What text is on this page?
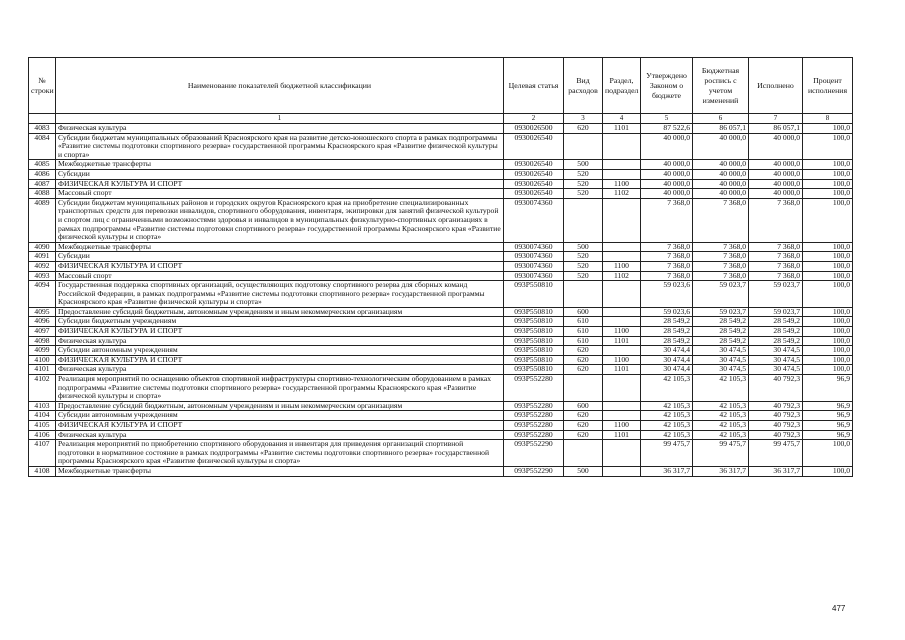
№ строки	Наименование показателей бюджетной классификации	Целевая статья	Вид расходов	Раздел, подраздел	Утверждено Законом о бюджете	Бюджетная роспись с учетом изменений	Исполнено	Процент исполнения
	1	2	3	4	5	6	7	8
4083	Физическая культура	0930026500	620	1101	87 522,6	86 057,1	86 057,1	100,0
4084	Субсидии бюджетам муниципальных образований Красноярского края на развитие детско-юношеского спорта в рамках подпрограммы «Развитие системы подготовки спортивного резерва» государственной программы Красноярского края «Развитие физической культуры и спорта»	0930026540			40 000,0	40 000,0	40 000,0	100,0
4085	Межбюджетные трансферты	0930026540	500		40 000,0	40 000,0	40 000,0	100,0
4086	Субсидии	0930026540	520		40 000,0	40 000,0	40 000,0	100,0
4087	ФИЗИЧЕСКАЯ КУЛЬТУРА И СПОРТ	0930026540	520	1100	40 000,0	40 000,0	40 000,0	100,0
4088	Массовый спорт	0930026540	520	1102	40 000,0	40 000,0	40 000,0	100,0
4089	Субсидии бюджетам муниципальных районов и городских округов Красноярского края на приобретение специализированных транспортных средств для перевозки инвалидов, спортивного оборудования, инвентаря, экипировки для занятий физической культурой и спортом лиц с ограниченными возможностями здоровья и инвалидов в муниципальных физкультурно-спортивных организациях в рамках подпрограммы «Развитие системы подготовки спортивного резерва» государственной программы Красноярского края «Развитие физической культуры и спорта»	0930074360			7 368,0	7 368,0	7 368,0	100,0
4090	Межбюджетные трансферты	0930074360	500		7 368,0	7 368,0	7 368,0	100,0
4091	Субсидии	0930074360	520		7 368,0	7 368,0	7 368,0	100,0
4092	ФИЗИЧЕСКАЯ КУЛЬТУРА И СПОРТ	0930074360	520	1100	7 368,0	7 368,0	7 368,0	100,0
4093	Массовый спорт	0930074360	520	1102	7 368,0	7 368,0	7 368,0	100,0
4094	Государственная поддержка спортивных организаций, осуществляющих подготовку спортивного резерва для сборных команд Российской Федерации, в рамках подпрограммы «Развитие системы подготовки спортивного резерва» государственной программы Красноярского края «Развитие физической культуры и спорта»	093P550810			59 023,6	59 023,7	59 023,7	100,0
4095	Предоставление субсидий бюджетным, автономным учреждениям и иным некоммерческим организациям	093P550810	600		59 023,6	59 023,7	59 023,7	100,0
4096	Субсидии бюджетным учреждениям	093P550810	610		28 549,2	28 549,2	28 549,2	100,0
4097	ФИЗИЧЕСКАЯ КУЛЬТУРА И СПОРТ	093P550810	610	1100	28 549,2	28 549,2	28 549,2	100,0
4098	Физическая культура	093P550810	610	1101	28 549,2	28 549,2	28 549,2	100,0
4099	Субсидии автономным учреждениям	093P550810	620		30 474,4	30 474,5	30 474,5	100,0
4100	ФИЗИЧЕСКАЯ КУЛЬТУРА И СПОРТ	093P550810	620	1100	30 474,4	30 474,5	30 474,5	100,0
4101	Физическая культура	093P550810	620	1101	30 474,4	30 474,5	30 474,5	100,0
4102	Реализация мероприятий по оснащению объектов спортивной инфраструктуры спортивно-технологическим оборудованием в рамках подпрограммы «Развитие системы подготовки спортивного резерва» государственной программы Красноярского края «Развитие физической культуры и спорта»	093P552280			42 105,3	42 105,3	40 792,3	96,9
4103	Предоставление субсидий бюджетным, автономным учреждениям и иным некоммерческим организациям	093P552280	600		42 105,3	42 105,3	40 792,3	96,9
4104	Субсидии автономным учреждениям	093P552280	620		42 105,3	42 105,3	40 792,3	96,9
4105	ФИЗИЧЕСКАЯ КУЛЬТУРА И СПОРТ	093P552280	620	1100	42 105,3	42 105,3	40 792,3	96,9
4106	Физическая культура	093P552280	620	1101	42 105,3	42 105,3	40 792,3	96,9
4107	Реализация мероприятий по приобретению спортивного оборудования и инвентаря для приведения организаций спортивной подготовки в нормативное состояние в рамках подпрограммы «Развитие системы подготовки спортивного резерва» государственной программы Красноярского края «Развитие физической культуры и спорта»	093P552290			99 475,7	99 475,7	99 475,7	100,0
4108	Межбюджетные трансферты	093P552290	500		36 317,7	36 317,7	36 317,7	100,0
477
